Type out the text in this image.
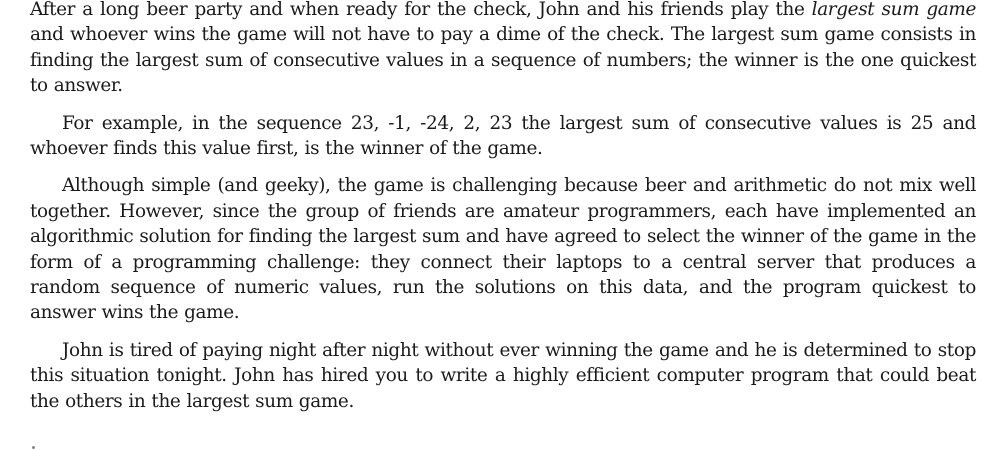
After a long beer party and when ready for the check, John and his friends play the largest sum game and whoever wins the game will not have to pay a dime of the check. The largest sum game consists in finding the largest sum of consecutive values in a sequence of numbers; the winner is the one quickest to answer.

For example, in the sequence 23, -1, -24, 2, 23 the largest sum of consecutive values is 25 and whoever finds this value first, is the winner of the game.

Although simple (and geeky), the game is challenging because beer and arithmetic do not mix well together. However, since the group of friends are amateur programmers, each have implemented an algorithmic solution for finding the largest sum and have agreed to select the winner of the game in the form of a programming challenge: they connect their laptops to a central server that produces a random sequence of numeric values, run the solutions on this data, and the program quickest to answer wins the game.

John is tired of paying night after night without ever winning the game and he is determined to stop this situation tonight. John has hired you to write a highly efficient computer program that could beat the others in the largest sum game.
